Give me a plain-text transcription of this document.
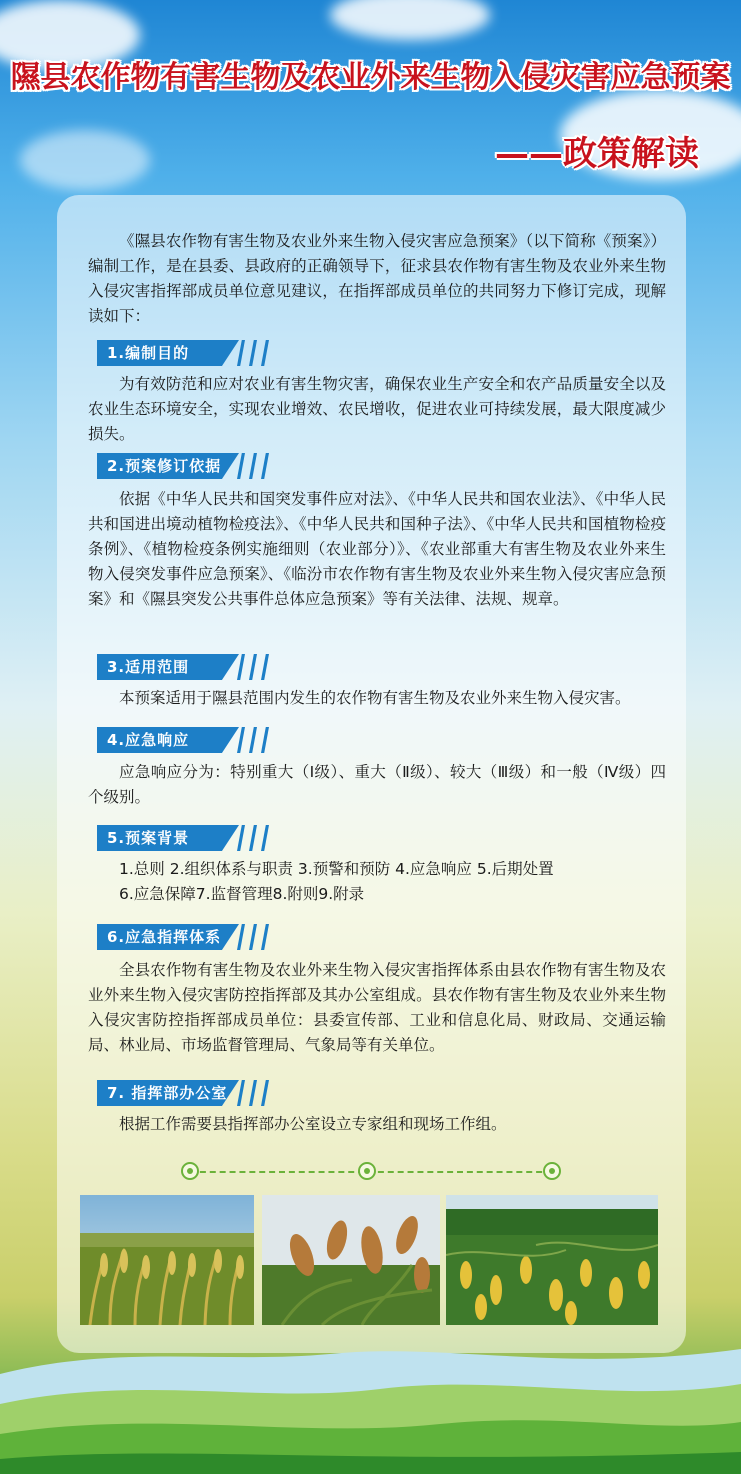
隰县农作物有害生物及农业外来生物入侵灾害应急预案
——政策解读

《隰县农作物有害生物及农业外来生物入侵灾害应急预案》（以下简称《预案》）编制工作，是在县委、县政府的正确领导下，征求县农作物有害生物及农业外来生物入侵灾害指挥部成员单位意见建议，在指挥部成员单位的共同努力下修订完成，现解读如下：

1.编制目的

为有效防范和应对农业有害生物灾害，确保农业生产安全和农产品质量安全以及农业生态环境安全，实现农业增效、农民增收，促进农业可持续发展，最大限度减少损失。

2.预案修订依据

依据《中华人民共和国突发事件应对法》、《中华人民共和国农业法》、《中华人民共和国进出境动植物检疫法》、《中华人民共和国种子法》、《中华人民共和国植物检疫条例》、《植物检疫条例实施细则（农业部分）》、《农业部重大有害生物及农业外来生物入侵突发事件应急预案》、《临汾市农作物有害生物及农业外来生物入侵灾害应急预案》和《隰县突发公共事件总体应急预案》等有关法律、法规、规章。

3.适用范围

本预案适用于隰县范围内发生的农作物有害生物及农业外来生物入侵灾害。

4.应急响应

应急响应分为：特别重大（Ⅰ级）、重大（Ⅱ级）、较大（Ⅲ级）和一般（Ⅳ级）四个级别。

5.预案背景

1.总则 2.组织体系与职责 3.预警和预防 4.应急响应 5.后期处置

6.应急保障7.监督管理8.附则9.附录

6.应急指挥体系

全县农作物有害生物及农业外来生物入侵灾害指挥体系由县农作物有害生物及农业外来生物入侵灾害防控指挥部及其办公室组成。县农作物有害生物及农业外来生物入侵灾害防控指挥部成员单位：县委宣传部、工业和信息化局、财政局、交通运输局、林业局、市场监督管理局、气象局等有关单位。

7. 指挥部办公室

根据工作需要县指挥部办公室设立专家组和现场工作组。
